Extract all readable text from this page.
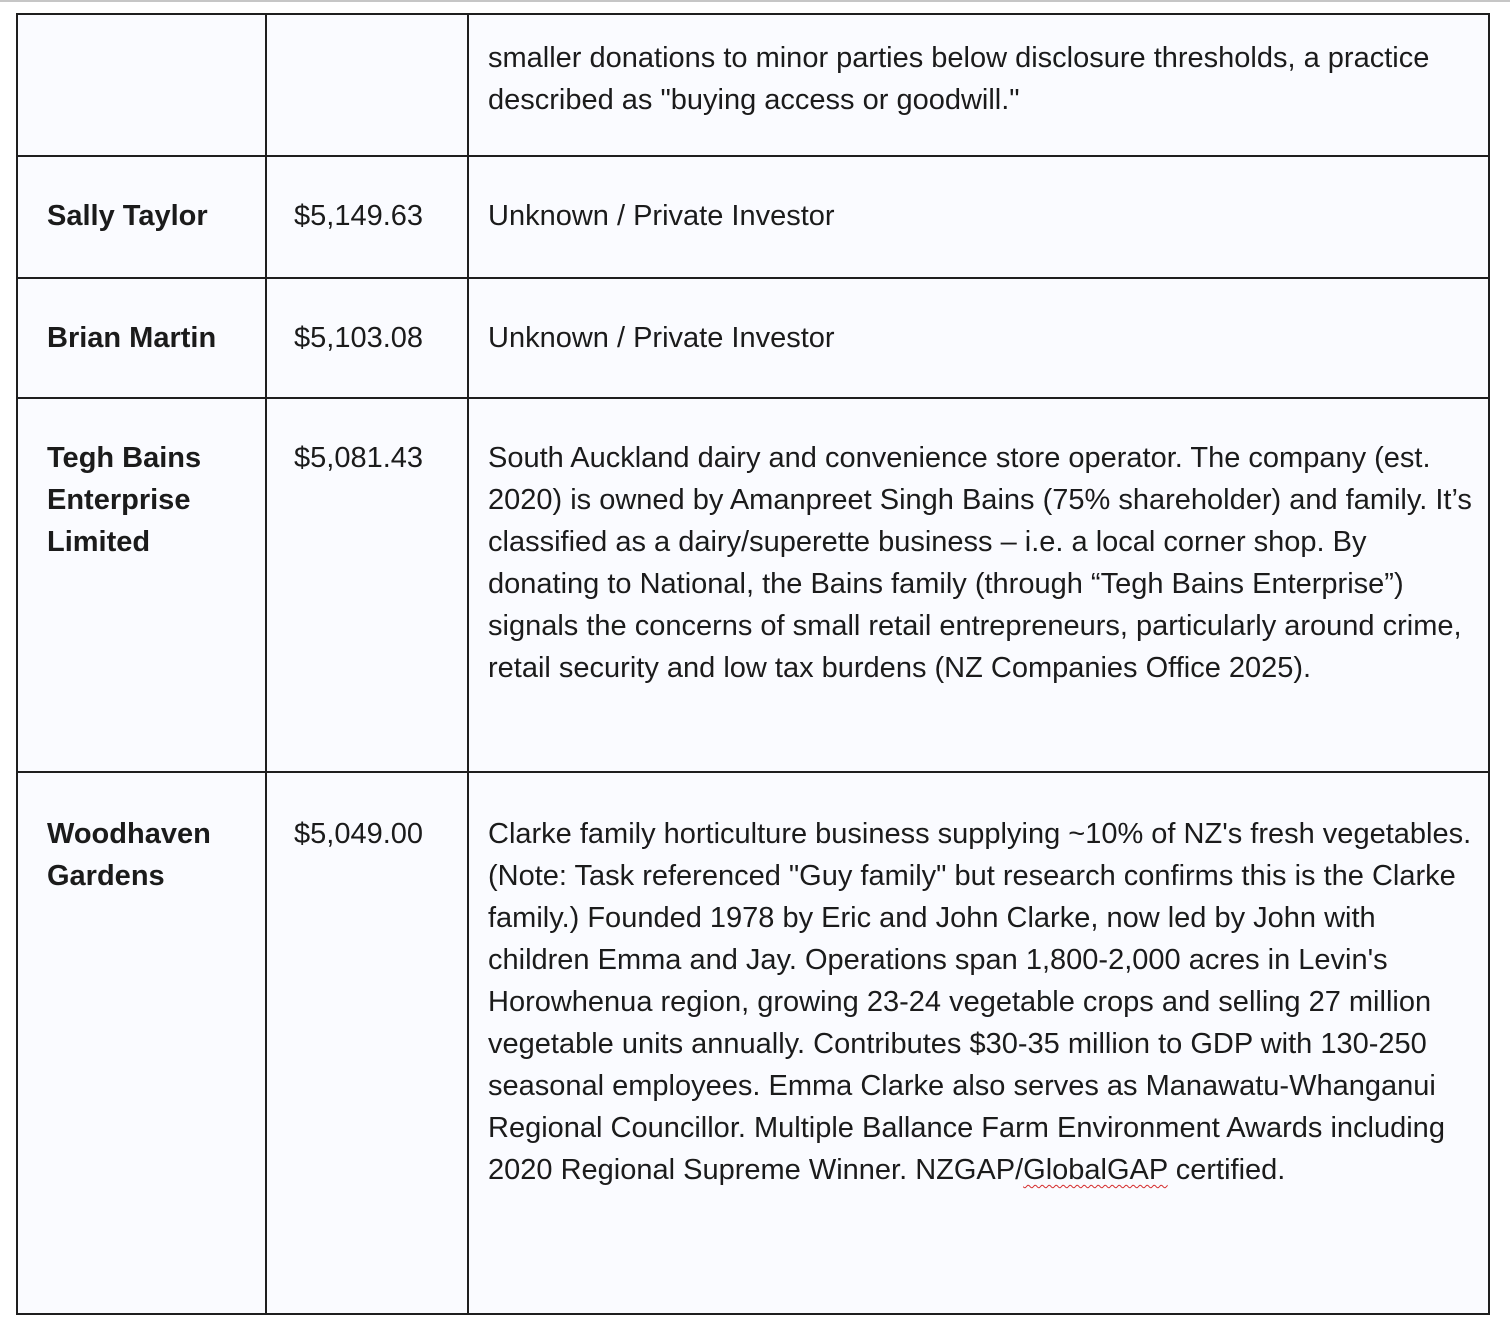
		smaller donations to minor parties below disclosure thresholds, a practice described as "buying access or goodwill."
Sally Taylor	$5,149.63	Unknown / Private Investor
Brian Martin	$5,103.08	Unknown / Private Investor
Tegh Bains Enterprise Limited	$5,081.43	South Auckland dairy and convenience store operator. The company (est. 2020) is owned by Amanpreet Singh Bains (75% shareholder) and family. It’s classified as a dairy/superette business – i.e. a local corner shop. By donating to National, the Bains family (through “Tegh Bains Enterprise”) signals the concerns of small retail entrepreneurs, particularly around crime, retail security and low tax burdens (NZ Companies Office 2025).
Woodhaven Gardens	$5,049.00	Clarke family horticulture business supplying ~10% of NZ's fresh vegetables. (Note: Task referenced "Guy family" but research confirms this is the Clarke family.) Founded 1978 by Eric and John Clarke, now led by John with children Emma and Jay. Operations span 1,800-2,000 acres in Levin's Horowhenua region, growing 23-24 vegetable crops and selling 27 million vegetable units annually. Contributes $30-35 million to GDP with 130-250 seasonal employees. Emma Clarke also serves as Manawatu-Whanganui Regional Councillor. Multiple Ballance Farm Environment Awards including 2020 Regional Supreme Winner. NZGAP/GlobalGAP certified.
